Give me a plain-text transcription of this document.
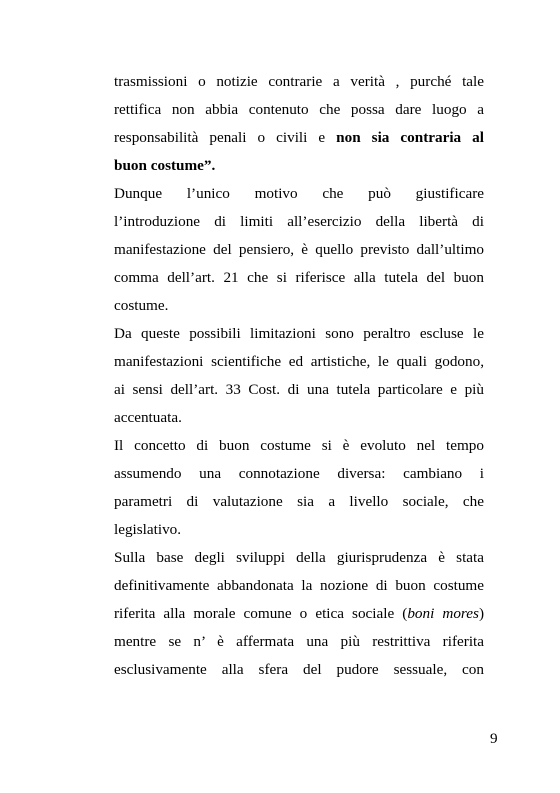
trasmissioni o notizie contrarie a verità , purché tale
rettifica non abbia contenuto che possa dare luogo a
responsabilità penali o civili e non sia contraria al
buon costume”.
Dunque l’unico motivo che può giustificare
l’introduzione di limiti all’esercizio della libertà di
manifestazione del pensiero, è quello previsto dall’ultimo
comma dell’art. 21 che si riferisce alla tutela del buon
costume.
Da queste possibili limitazioni sono peraltro escluse le
manifestazioni scientifiche ed artistiche, le quali godono,
ai sensi dell’art. 33 Cost. di una tutela particolare e più
accentuata.
Il concetto di buon costume si è evoluto nel tempo
assumendo una connotazione diversa: cambiano i
parametri di valutazione sia a livello sociale, che
legislativo.
Sulla base degli sviluppi della giurisprudenza è stata
definitivamente abbandonata la nozione di buon costume
riferita alla morale comune o etica sociale (boni mores)
mentre se n’ è affermata una più restrittiva riferita
esclusivamente alla sfera del pudore sessuale, con
9
